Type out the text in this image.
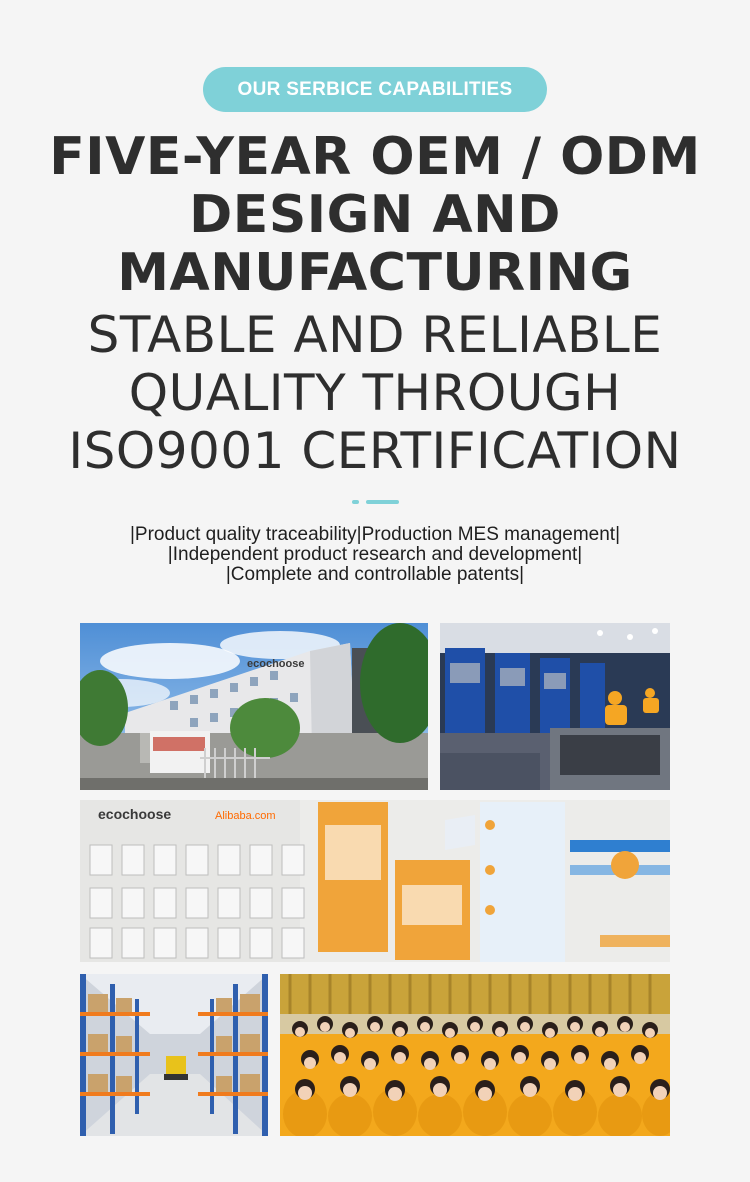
OUR SERBICE CAPABILITIES
FIVE-YEAR OEM / ODM
DESIGN AND
MANUFACTURING
STABLE AND RELIABLE
QUALITY THROUGH
ISO9001 CERTIFICATION
|Product quality traceability|Production MES management|
|Independent product research and development|
|Complete and controllable patents|
ecochoose
ecochoose	Alibaba.com
